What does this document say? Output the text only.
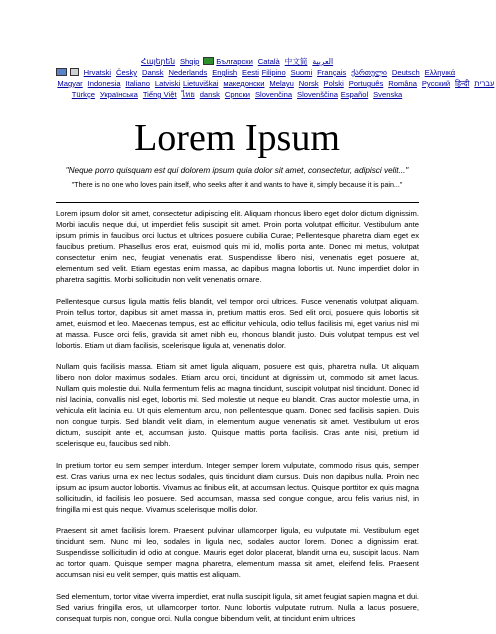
Հայերեն Shqip Български Català 中文简 العربية
Hrvatski Česky Dansk Nederlands English Eesti Filipino Suomi Français ქართული Deutsch Ελληνικά
Magyar Indonesia Italiano Latviski Lietuviškai македонски Melayu Norsk Polski Português Româna Pyccкий हिन्दी עברית
Türkçe Українська Tiếng Việt ไทย dansk Српски Slovenčina Slovenščina Español Svenska
Lorem Ipsum
"Neque porro quisquam est qui dolorem ipsum quia dolor sit amet, consectetur, adipisci velit..."
"There is no one who loves pain itself, who seeks after it and wants to have it, simply because it is pain..."

Lorem ipsum dolor sit amet, consectetur adipiscing elit. Aliquam rhoncus libero eget dolor dictum dignissim. Morbi iaculis neque dui, ut imperdiet felis suscipit sit amet. Proin porta volutpat efficitur. Vestibulum ante ipsum primis in faucibus orci luctus et ultrices posuere cubilia Curae; Pellentesque pharetra diam eget ex faucibus pretium. Phasellus eros erat, euismod quis mi id, mollis porta ante. Donec mi metus, volutpat consectetur enim nec, feugiat venenatis erat. Suspendisse libero nisi, venenatis eget posuere at, elementum sed velit. Etiam egestas enim massa, ac dapibus magna lobortis ut. Nunc imperdiet dolor in pharetra sagittis. Morbi sollicitudin non velit venenatis ornare.

Pellentesque cursus ligula mattis felis blandit, vel tempor orci ultrices. Fusce venenatis volutpat aliquam. Proin tellus tortor, dapibus sit amet massa in, pretium mattis eros. Sed elit orci, posuere quis lobortis sit amet, euismod et leo. Maecenas tempus, est ac efficitur vehicula, odio tellus facilisis mi, eget varius nisl mi at massa. Fusce orci felis, gravida sit amet nibh eu, rhoncus blandit justo. Duis volutpat tempus est vel lobortis. Etiam ut diam facilisis, scelerisque ligula at, venenatis dolor.

Nullam quis facilisis massa. Etiam sit amet ligula aliquam, posuere est quis, pharetra nulla. Ut aliquam libero non dolor maximus sodales. Etiam arcu orci, tincidunt at dignissim ut, commodo sit amet lacus. Nullam quis molestie dui. Nulla fermentum felis ac magna tincidunt, suscipit volutpat nisl tincidunt. Donec id nisl lacinia, convallis nisl eget, lobortis mi. Sed molestie ut neque eu blandit. Cras auctor molestie urna, in vehicula elit lacinia eu. Ut quis elementum arcu, non pellentesque quam. Donec sed facilisis sapien. Duis non congue turpis. Sed blandit velit diam, in elementum augue venenatis sit amet. Vestibulum ut eros dictum, suscipit ante et, accumsan justo. Quisque mattis porta facilisis. Cras ante nisi, pretium id scelerisque eu, faucibus sed nibh.

In pretium tortor eu sem semper interdum. Integer semper lorem vulputate, commodo risus quis, semper est. Cras varius urna ex nec lectus sodales, quis tincidunt diam cursus. Duis non dapibus nulla. Proin nec ipsum ac ipsum auctor lobortis. Vivamus ac finibus elit, at accumsan lectus. Quisque porttitor ex quis magna sollicitudin, id facilisis leo posuere. Sed accumsan, massa sed congue congue, arcu felis varius nisl, in fringilla mi est quis neque. Vivamus scelerisque mollis dolor.

Praesent sit amet facilisis lorem. Praesent pulvinar ullamcorper ligula, eu vulputate mi. Vestibulum eget tincidunt sem. Nunc mi leo, sodales in ligula nec, sodales auctor lorem. Donec a dignissim erat. Suspendisse sollicitudin id odio at congue. Mauris eget dolor placerat, blandit urna eu, suscipit lacus. Nam ac tortor quam. Quisque semper magna pharetra, elementum massa sit amet, eleifend felis. Praesent accumsan nisi eu velit semper, quis mattis est aliquam.

Sed elementum, tortor vitae viverra imperdiet, erat nulla suscipit ligula, sit amet feugiat sapien magna et dui. Sed varius fringilla eros, ut ullamcorper tortor. Nunc lobortis vulputate rutrum. Nulla a lacus posuere, consequat turpis non, congue orci. Nulla congue bibendum velit, at tincidunt enim ultrices
